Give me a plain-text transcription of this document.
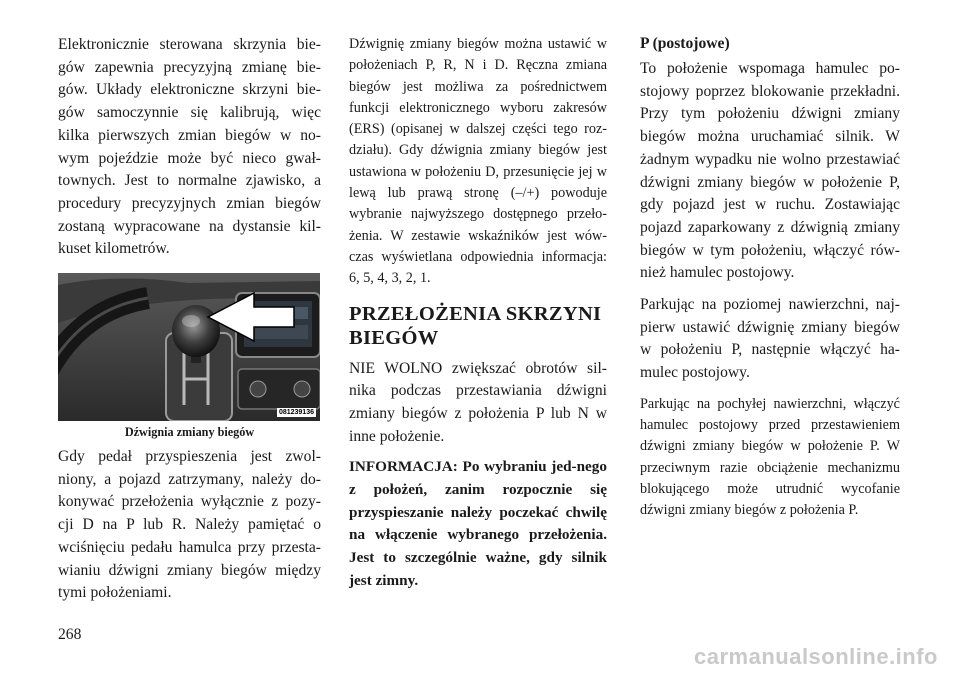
Elektronicznie sterowana skrzynia bie-gów zapewnia precyzyjną zmianę bie-gów. Układy elektroniczne skrzyni bie-gów samoczynnie się kalibrują, więc kilka pierwszych zmian biegów w no-wym pojeździe może być nieco gwał-townych. Jest to normalne zjawisko, a procedury precyzyjnych zmian biegów zostaną wypracowane na dystansie kil-kuset kilometrów.

081239136
Dźwignia zmiany biegów

Gdy pedał przyspieszenia jest zwol-niony, a pojazd zatrzymany, należy do-konywać przełożenia wyłącznie z pozy-cji D na P lub R. Należy pamiętać o wciśnięciu pedału hamulca przy przesta-wianiu dźwigni zmiany biegów między tymi położeniami.

Dźwignię zmiany biegów można ustawić w położeniach P, R, N i D. Ręczna zmiana biegów jest możliwa za pośrednictwem funkcji elektronicznego wyboru zakresów (ERS) (opisanej w dalszej części tego roz-działu). Gdy dźwignia zmiany biegów jest ustawiona w położeniu D, przesunięcie jej w lewą lub prawą stronę (–/+) powoduje wybranie najwyższego dostępnego przeło-żenia. W zestawie wskaźników jest wów-czas wyświetlana odpowiednia informacja: 6, 5, 4, 3, 2, 1.

PRZEŁOŻENIA SKRZYNI BIEGÓW

NIE WOLNO zwiększać obrotów sil-nika podczas przestawiania dźwigni zmiany biegów z położenia P lub N w inne położenie.

INFORMACJA: Po wybraniu jed-nego z położeń, zanim rozpocznie się przyspieszanie należy poczekać chwilę na włączenie wybranego przełożenia. Jest to szczególnie ważne, gdy silnik jest zimny.

P (postojowe)

To położenie wspomaga hamulec po-stojowy poprzez blokowanie przekładni. Przy tym położeniu dźwigni zmiany biegów można uruchamiać silnik. W żadnym wypadku nie wolno przestawiać dźwigni zmiany biegów w położenie P, gdy pojazd jest w ruchu. Zostawiając pojazd zaparkowany z dźwignią zmiany biegów w tym położeniu, włączyć rów-nież hamulec postojowy.

Parkując na poziomej nawierzchni, naj-pierw ustawić dźwignię zmiany biegów w położeniu P, następnie włączyć ha-mulec postojowy.

Parkując na pochyłej nawierzchni, włączyć hamulec postojowy przed przestawieniem dźwigni zmiany biegów w położenie P. W przeciwnym razie obciążenie mechanizmu blokującego może utrudnić wycofanie dźwigni zmiany biegów z położenia P.

268
carmanualsonline.info
